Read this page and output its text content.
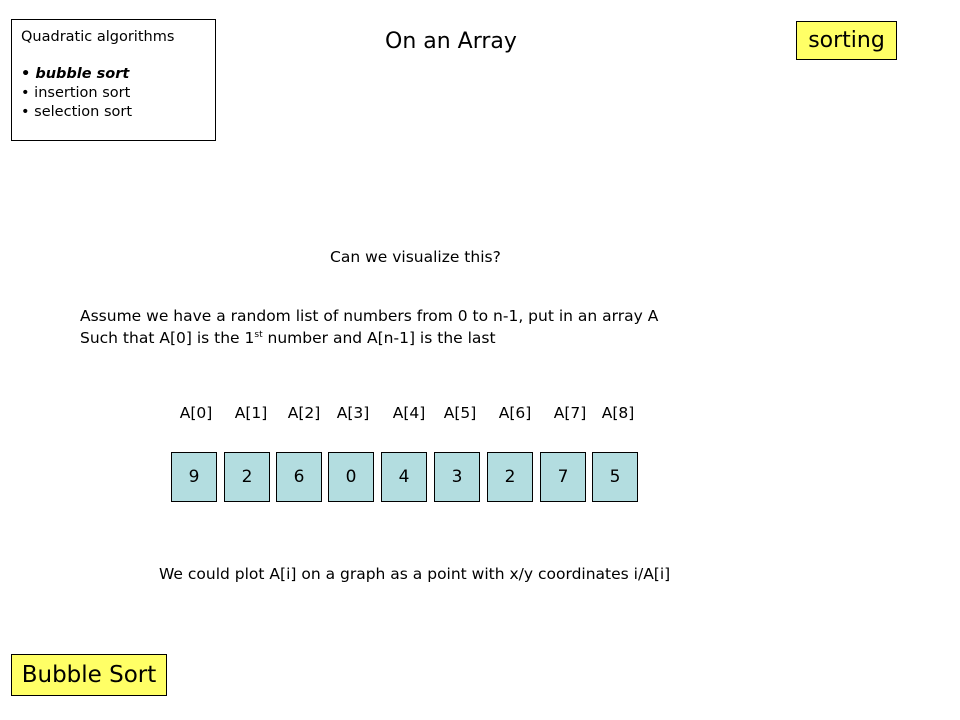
Quadratic algorithms
• bubble sort
• insertion sort
• selection sort
On an Array	sorting
Can we visualize this?
Assume we have a random list of numbers from 0 to n-1, put in an array A
Such that A[0] is the 1st number and A[n-1] is the last
A[0]	A[1]	A[2]	A[3]	A[4]	A[5]	A[6]	A[7] A[8]
9	2	6	0	4	3	2	7	5
We could plot A[i] on a graph as a point with x/y coordinates i/A[i]
Bubble Sort
